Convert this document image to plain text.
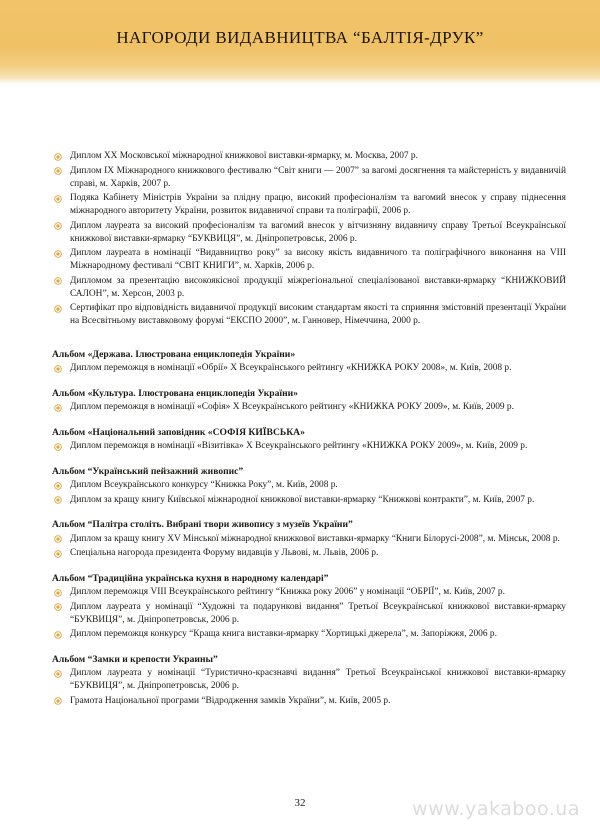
НАГОРОДИ ВИДАВНИЦТВА “БАЛТІЯ-ДРУК”
Диплом ХХ Московської міжнародної книжкової виставки-ярмарку, м. Москва, 2007 р.
Диплом ІХ Міжнародного книжкового фестивалю “Світ книги — 2007” за вагомі досягнення та майстерність у видавничій справі, м. Харків, 2007 р.
Подяка Кабінету Міністрів України за плідну працю, високий професіоналізм та вагомий внесок у справу піднесення міжнародного авторитету України, розвиток видавничої справи та поліграфії, 2006 р.
Диплом лауреата за високий професіоналізм та вагомий внесок у вітчизняну видавничу справу Третьої Всеукраїнської книжкової виставки-ярмарку “БУКВИЦЯ”, м. Дніпропетровськ, 2006 р.
Диплом лауреата в номінації “Видавництво року” за високу якість видавничого та поліграфічного виконання на VIII Міжнародному фестивалі “СВІТ КНИГИ”, м. Харків, 2006 р.
Дипломом за презентацію високоякісної продукції міжрегіональної спеціалізованої виставки-ярмарку “КНИЖКОВИЙ САЛОН”, м. Херсон, 2003 р.
Сертифікат про відповідність видавничої продукції високим стандартам якості та сприяння змістовній презентації України на Всесвітньому виставковому форумі “ЕКСПО 2000”, м. Ганновер, Німеччина, 2000 р.
Альбом «Держава. Ілюстрована енциклопедія України»
Диплом переможця в номінації «Обрії» Х Всеукраїнського рейтингу «КНИЖКА РОКУ 2008», м. Київ, 2008 р.
Альбом «Культура. Ілюстрована енциклопедія України»
Диплом переможця в номінації «Софія» Х Всеукраїнського рейтингу «КНИЖКА РОКУ 2009», м. Київ, 2009 р.
Альбом «Національний заповідник «СОФІЯ КИЇВСЬКА»
Диплом переможця в номінації «Візитівка» Х Всеукраїнського рейтингу «КНИЖКА РОКУ 2009», м. Київ, 2009 р.
Альбом “Український пейзажний живопис”
Диплом Всеукраїнського конкурсу “Книжка Року”, м. Київ, 2008 р.
Диплом за кращу книгу Київської міжнародної книжкової виставки-ярмарку “Книжкові контракти”, м. Київ, 2007 р.
Альбом “Палітра століть. Вибрані твори живопису з музеїв України”
Диплом за кращу книгу XV Мінської міжнародної книжкової виставки-ярмарку “Книги Білорусі-2008”, м. Мінськ, 2008 р.
Спеціальна нагорода президента Форуму видавців у Львові, м. Львів, 2006 р.
Альбом “Традиційна українська кухня в народному календарі”
Диплом переможця VIII Всеукраїнського рейтингу “Книжка року 2006” у номінації “ОБРІЇ”, м. Київ, 2007 р.
Диплом лауреата у номінації “Художні та подарункові видання” Третьої Всеукраїнської книжкової виставки-ярмарку “БУКВИЦЯ”, м. Дніпропетровськ, 2006 р.
Диплом переможця конкурсу “Краща книга виставки-ярмарку “Хортицькі джерела”, м. Запоріжжя, 2006 р.
Альбом “Замки и крепости Украины”
Диплом лауреата у номінації “Туристично-краєзнавчі видання” Третьої Всеукраїнської книжкової виставки-ярмарку “БУКВИЦЯ”, м. Дніпропетровськ, 2006 р.
Грамота Національної програми “Відродження замків України”, м. Київ, 2005 р.
32	www.yakaboo.ua
